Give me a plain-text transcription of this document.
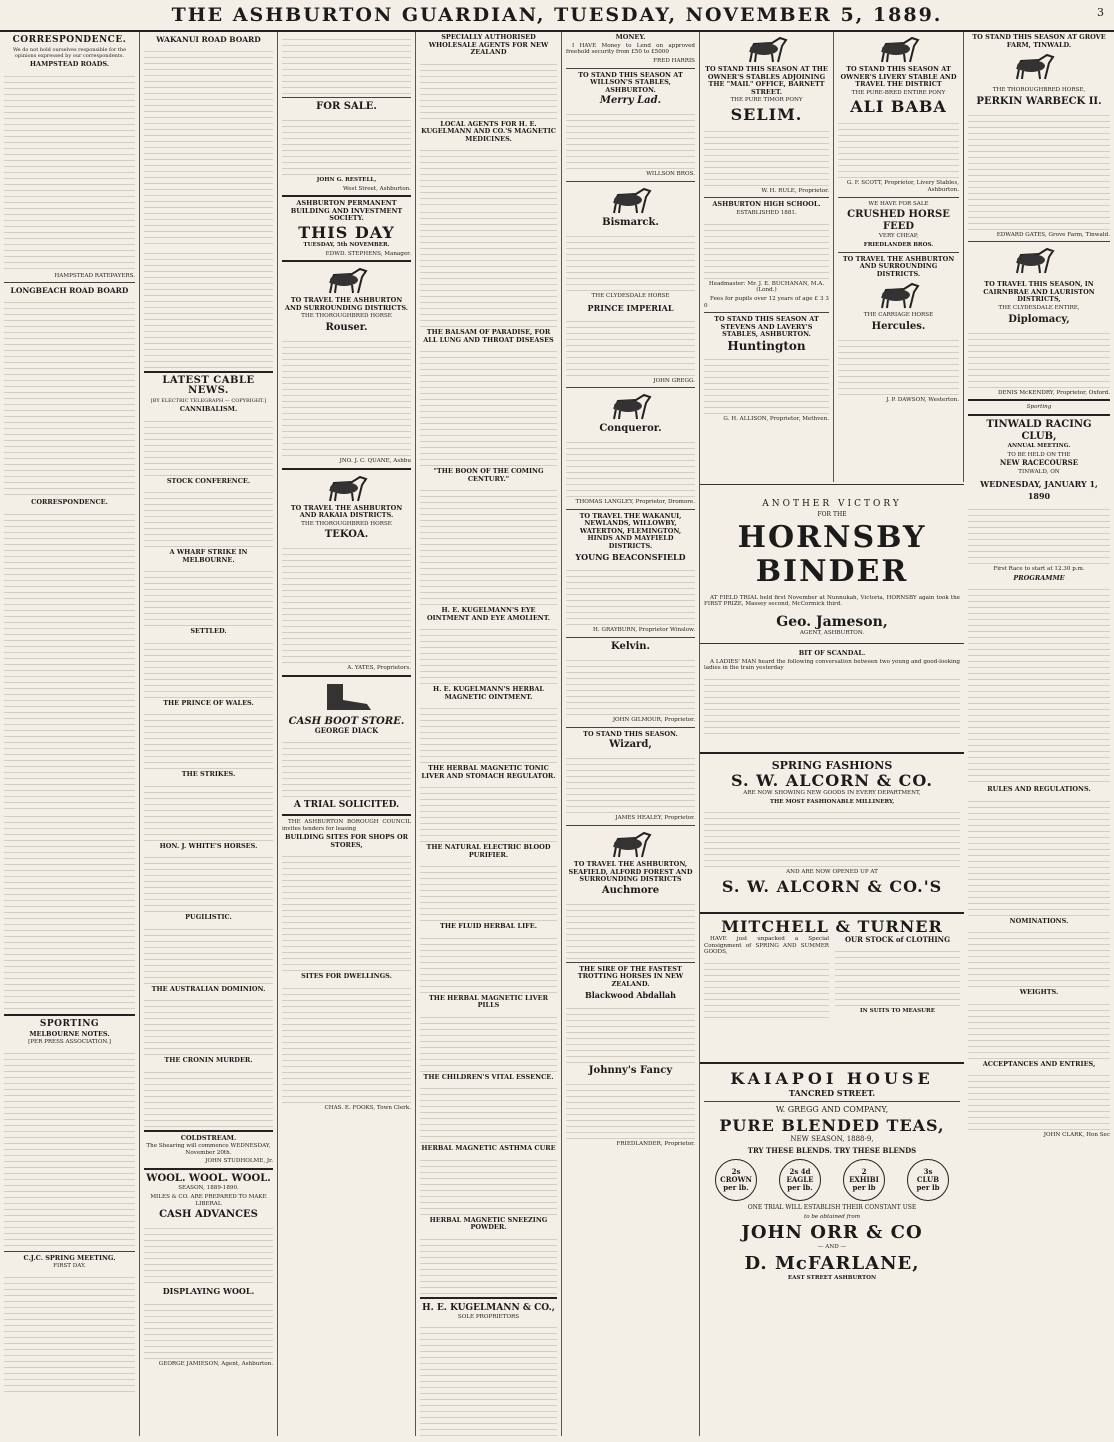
THE ASHBURTON GUARDIAN, TUESDAY, NOVEMBER 5, 1889.	3
CORRESPONDENCE.

We do not hold ourselves responsible for the opinions expressed by our correspondents.

HAMPSTEAD ROADS.

HAMPSTEAD RATEPAYERS.

LONGBEACH ROAD BOARD
CORRESPONDENCE.
SPORTING
MELBOURNE NOTES.

[PER PRESS ASSOCIATION.]

C.J.C. SPRING MEETING.

FIRST DAY.

WAKANUI ROAD BOARD
LATEST CABLE NEWS.

[BY ELECTRIC TELEGRAPH — COPYRIGHT.]

CANNIBALISM.
STOCK CONFERENCE.
A WHARF STRIKE IN MELBOURNE.
SETTLED.
THE PRINCE OF WALES.
THE STRIKES.
HON. J. WHITE'S HORSES.
PUGILISTIC.
THE AUSTRALIAN DOMINION.
THE CRONIN MURDER.
COLDSTREAM.

The Shearing will commence WEDNESDAY, November 20th.

JOHN STUDHOLME, Jr.

WOOL. WOOL. WOOL.

SEASON, 1889-1890.

MILES & CO. ARE PREPARED TO MAKE LIBERAL

CASH ADVANCES
DISPLAYING WOOL.

GEORGE JAMIESON, Agent, Ashburton.

FOR SALE.

JOHN G. RESTELL,

West Street, Ashburton.

ASHBURTON PERMANENT BUILDING AND INVESTMENT SOCIETY.
THIS DAY

TUESDAY, 5th NOVEMBER.

EDWD. STEPHENS, Manager.

TO TRAVEL THE ASHBURTON AND SURROUNDING DISTRICTS.

THE THOROUGHBRED HORSE

Rouser.

JNO. J. C. QUANE, Ashbu

TO TRAVEL THE ASHBURTON AND RAKAIA DISTRICTS.

THE THOROUGHBRED HORSE

TEKOA.

A. YATES, Proprietors.

CASH BOOT STORE.

GEORGE DIACK

A TRIAL SOLICITED.

THE ASHBURTON BOROUGH COUNCIL invites tenders for leasing

BUILDING SITES FOR SHOPS OR STORES,
SITES FOR DWELLINGS.

CHAS. E. FOOKS, Town Clerk.

SPECIALLY AUTHORISED WHOLESALE AGENTS FOR NEW ZEALAND
LOCAL AGENTS FOR H. E. KUGELMANN AND CO.'S MAGNETIC MEDICINES.
THE BALSAM OF PARADISE, FOR ALL LUNG AND THROAT DISEASES
"THE BOON OF THE COMING CENTURY."
H. E. KUGELMANN'S EYE OINTMENT AND EYE AMOLIENT.
H. E. KUGELMANN'S HERBAL MAGNETIC OINTMENT.
THE HERBAL MAGNETIC TONIC LIVER AND STOMACH REGULATOR.
THE NATURAL ELECTRIC BLOOD PURIFIER.
THE FLUID HERBAL LIFE.
THE HERBAL MAGNETIC LIVER PILLS
THE CHILDREN'S VITAL ESSENCE.
HERBAL MAGNETIC ASTHMA CURE
HERBAL MAGNETIC SNEEZING POWDER.
H. E. KUGELMANN & CO.,

SOLE PROPRIETORS

MONEY.

I HAVE Money to Lend on approved freehold security from £50 to £5000

FRED HARRIS

TO STAND THIS SEASON AT WILLSON'S STABLES, ASHBURTON.
Merry Lad.

WILLSON BROS.

Bismarck.

THE CLYDESDALE HORSE

PRINCE IMPERIAL

JOHN GREGG.

Conqueror.

THOMAS LANGLEY, Proprietor, Dromore.

TO TRAVEL THE WAKANUI, NEWLANDS, WILLOWBY, WATERTON, FLEMINGTON, HINDS AND MAYFIELD DISTRICTS.
YOUNG BEACONSFIELD

H. GRAYBURN, Proprietor Winslow.

Kelvin.

JOHN GILMOUR, Proprietor.

TO STAND THIS SEASON.
Wizard,

JAMES HEALEY, Proprietor.

TO TRAVEL THE ASHBURTON, SEAFIELD, ALFORD FOREST AND SURROUNDING DISTRICTS
Auchmore
THE SIRE OF THE FASTEST TROTTING HORSES IN NEW ZEALAND.
Blackwood Abdallah
Johnny's Fancy

FRIEDLANDER, Proprietor.

TO STAND THIS SEASON AT THE OWNER'S STABLES ADJOINING THE "MAIL" OFFICE, BARNETT STREET.

THE PURE TIMOR PONY

SELIM.

W. H. RULE, Proprietor.

ASHBURTON HIGH SCHOOL.

ESTABLISHED 1881.

Headmaster: Mr. J. E. BUCHANAN, M.A. (Lond.)

Fees for pupils over 12 years of age £ 3 3 0

TO STAND THIS SEASON AT STEVENS AND LAVERY'S STABLES, ASHBURTON.
Huntington

G. H. ALLISON, Proprietor, Methven.

TO STAND THIS SEASON AT OWNER'S LIVERY STABLE AND TRAVEL THE DISTRICT

THE PURE-BRED ENTIRE PONY

ALI BABA

G. F. SCOTT, Proprietor, Livery Stables, Ashburton.

WE HAVE FOR SALE

CRUSHED HORSE FEED

VERY CHEAP,

FRIEDLANDER BROS.

TO TRAVEL THE ASHBURTON AND SURROUNDING DISTRICTS.

THE CARRIAGE HORSE

Hercules.

J. P. DAWSON, Westerton.

TO STAND THIS SEASON AT GROVE FARM, TINWALD.

THE THOROUGHBRED HORSE,

PERKIN WARBECK II.

EDWARD GATES, Grove Farm, Tinwald.

TO TRAVEL THIS SEASON, IN CAIRNBRAE AND LAURISTON DISTRICTS,

THE CLYDESDALE ENTIRE,

Diplomacy,

DENIS McKENDRY, Proprietor, Oxford.

Sporting

TINWALD RACING CLUB,

ANNUAL MEETING.

TO BE HELD ON THE

NEW RACECOURSE

TINWALD, ON

WEDNESDAY, JANUARY 1, 1890

First Race to start at 12.30 p.m.

PROGRAMME
RULES AND REGULATIONS.
NOMINATIONS.
WEIGHTS.
ACCEPTANCES AND ENTRIES,

JOHN CLARK, Hon Sec

ANOTHER VICTORY

FOR THE

HORNSBY BINDER

AT FIELD TRIAL held first November at Nunnukah, Victoria, HORNSBY again took the FIRST PRIZE, Massey second, McCormick third.

Geo. Jameson,

AGENT, ASHBURTON.

BIT OF SCANDAL.

A LADIES' MAN heard the following conversation between two young and good-looking ladies in the train yesterday

SPRING FASHIONS
S. W. ALCORN & CO.

ARE NOW SHOWING NEW GOODS IN EVERY DEPARTMENT,

THE MOST FASHIONABLE MILLINERY,

AND ARE NOW OPENED UP AT

S. W. ALCORN & CO.'S
MITCHELL & TURNER

HAVE just unpacked a Special Consignment of SPRING AND SUMMER GOODS,

OUR STOCK of CLOTHING

IN SUITS TO MEASURE

KAIAPOI HOUSE

TANCRED STREET.

W. GREGG AND COMPANY,

PURE BLENDED TEAS,

NEW SEASON, 1888-9,

TRY THESE BLENDS. TRY THESE BLENDS

2s
CROWN
per lb.
2s 4d
EAGLE
per lb.
2
EXHIBI
per lb
3s
CLUB
per lb

ONE TRIAL WILL ESTABLISH THEIR CONSTANT USE

to be obtained from

JOHN ORR & CO

— AND —

D. McFARLANE,

EAST STREET ASHBURTON
